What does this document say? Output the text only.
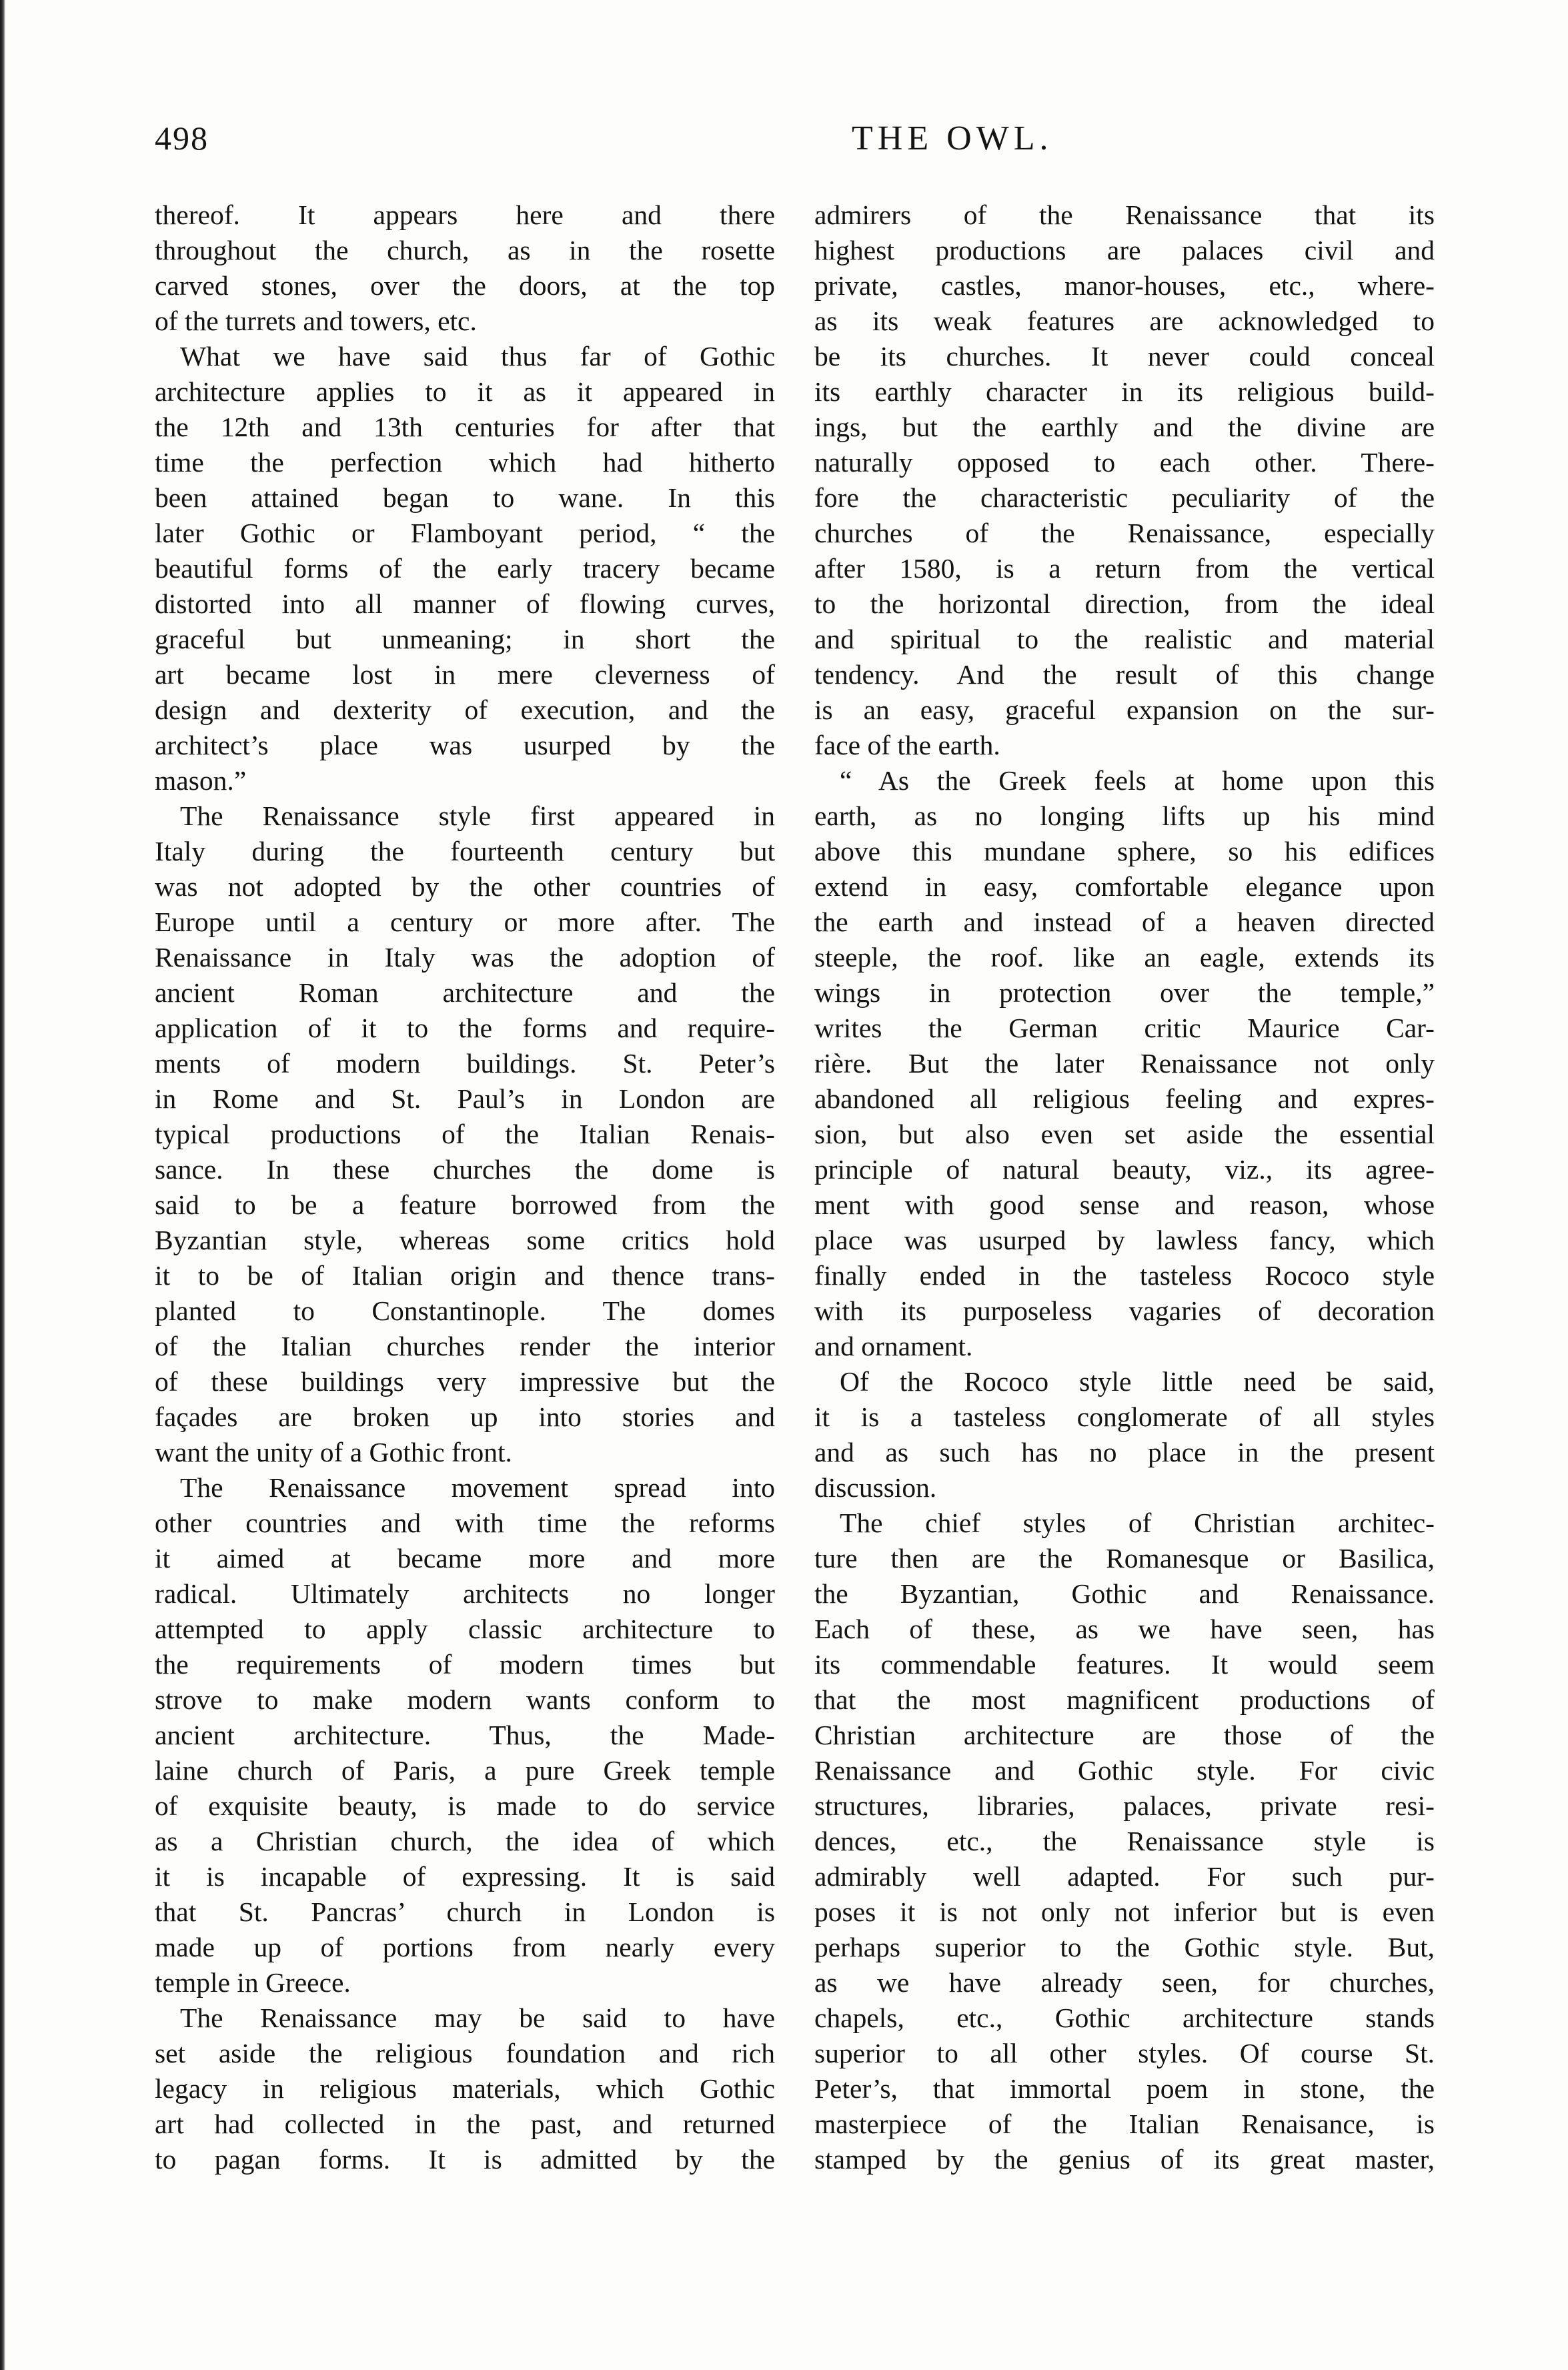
498	THE OWL.
thereof. It appears here and there
throughout the church, as in the rosette
carved stones, over the doors, at the top
of the turrets and towers, etc.
What we have said thus far of Gothic
architecture applies to it as it appeared in
the 12th and 13th centuries for after that
time the perfection which had hitherto
been attained began to wane. In this
later Gothic or Flamboyant period, “ the
beautiful forms of the early tracery became
distorted into all manner of flowing curves,
graceful but unmeaning; in short the
art became lost in mere cleverness of
design and dexterity of execution, and the
architect’s place was usurped by the
mason.”
The Renaissance style first appeared in
Italy during the fourteenth century but
was not adopted by the other countries of
Europe until a century or more after. The
Renaissance in Italy was the adoption of
ancient Roman architecture and the
application of it to the forms and require-
ments of modern buildings. St. Peter’s
in Rome and St. Paul’s in London are
typical productions of the Italian Renais-
sance. In these churches the dome is
said to be a feature borrowed from the
Byzantian style, whereas some critics hold
it to be of Italian origin and thence trans-
planted to Constantinople. The domes
of the Italian churches render the interior
of these buildings very impressive but the
façades are broken up into stories and
want the unity of a Gothic front.
The Renaissance movement spread into
other countries and with time the reforms
it aimed at became more and more
radical. Ultimately architects no longer
attempted to apply classic architecture to
the requirements of modern times but
strove to make modern wants conform to
ancient architecture. Thus, the Made-
laine church of Paris, a pure Greek temple
of exquisite beauty, is made to do service
as a Christian church, the idea of which
it is incapable of expressing. It is said
that St. Pancras’ church in London is
made up of portions from nearly every
temple in Greece.
The Renaissance may be said to have
set aside the religious foundation and rich
legacy in religious materials, which Gothic
art had collected in the past, and returned
to pagan forms. It is admitted by the
admirers of the Renaissance that its
highest productions are palaces civil and
private, castles, manor-houses, etc., where-
as its weak features are acknowledged to
be its churches. It never could conceal
its earthly character in its religious build-
ings, but the earthly and the divine are
naturally opposed to each other. There-
fore the characteristic peculiarity of the
churches of the Renaissance, especially
after 1580, is a return from the vertical
to the horizontal direction, from the ideal
and spiritual to the realistic and material
tendency. And the result of this change
is an easy, graceful expansion on the sur-
face of the earth.
“ As the Greek feels at home upon this
earth, as no longing lifts up his mind
above this mundane sphere, so his edifices
extend in easy, comfortable elegance upon
the earth and instead of a heaven directed
steeple, the roof. like an eagle, extends its
wings in protection over the temple,”
writes the German critic Maurice Car-
rière. But the later Renaissance not only
abandoned all religious feeling and expres-
sion, but also even set aside the essential
principle of natural beauty, viz., its agree-
ment with good sense and reason, whose
place was usurped by lawless fancy, which
finally ended in the tasteless Rococo style
with its purposeless vagaries of decoration
and ornament.
Of the Rococo style little need be said,
it is a tasteless conglomerate of all styles
and as such has no place in the present
discussion.
The chief styles of Christian architec-
ture then are the Romanesque or Basilica,
the Byzantian, Gothic and Renaissance.
Each of these, as we have seen, has
its commendable features. It would seem
that the most magnificent productions of
Christian architecture are those of the
Renaissance and Gothic style. For civic
structures, libraries, palaces, private resi-
dences, etc., the Renaissance style is
admirably well adapted. For such pur-
poses it is not only not inferior but is even
perhaps superior to the Gothic style. But,
as we have already seen, for churches,
chapels, etc., Gothic architecture stands
superior to all other styles. Of course St.
Peter’s, that immortal poem in stone, the
masterpiece of the Italian Renaisance, is
stamped by the genius of its great master,
